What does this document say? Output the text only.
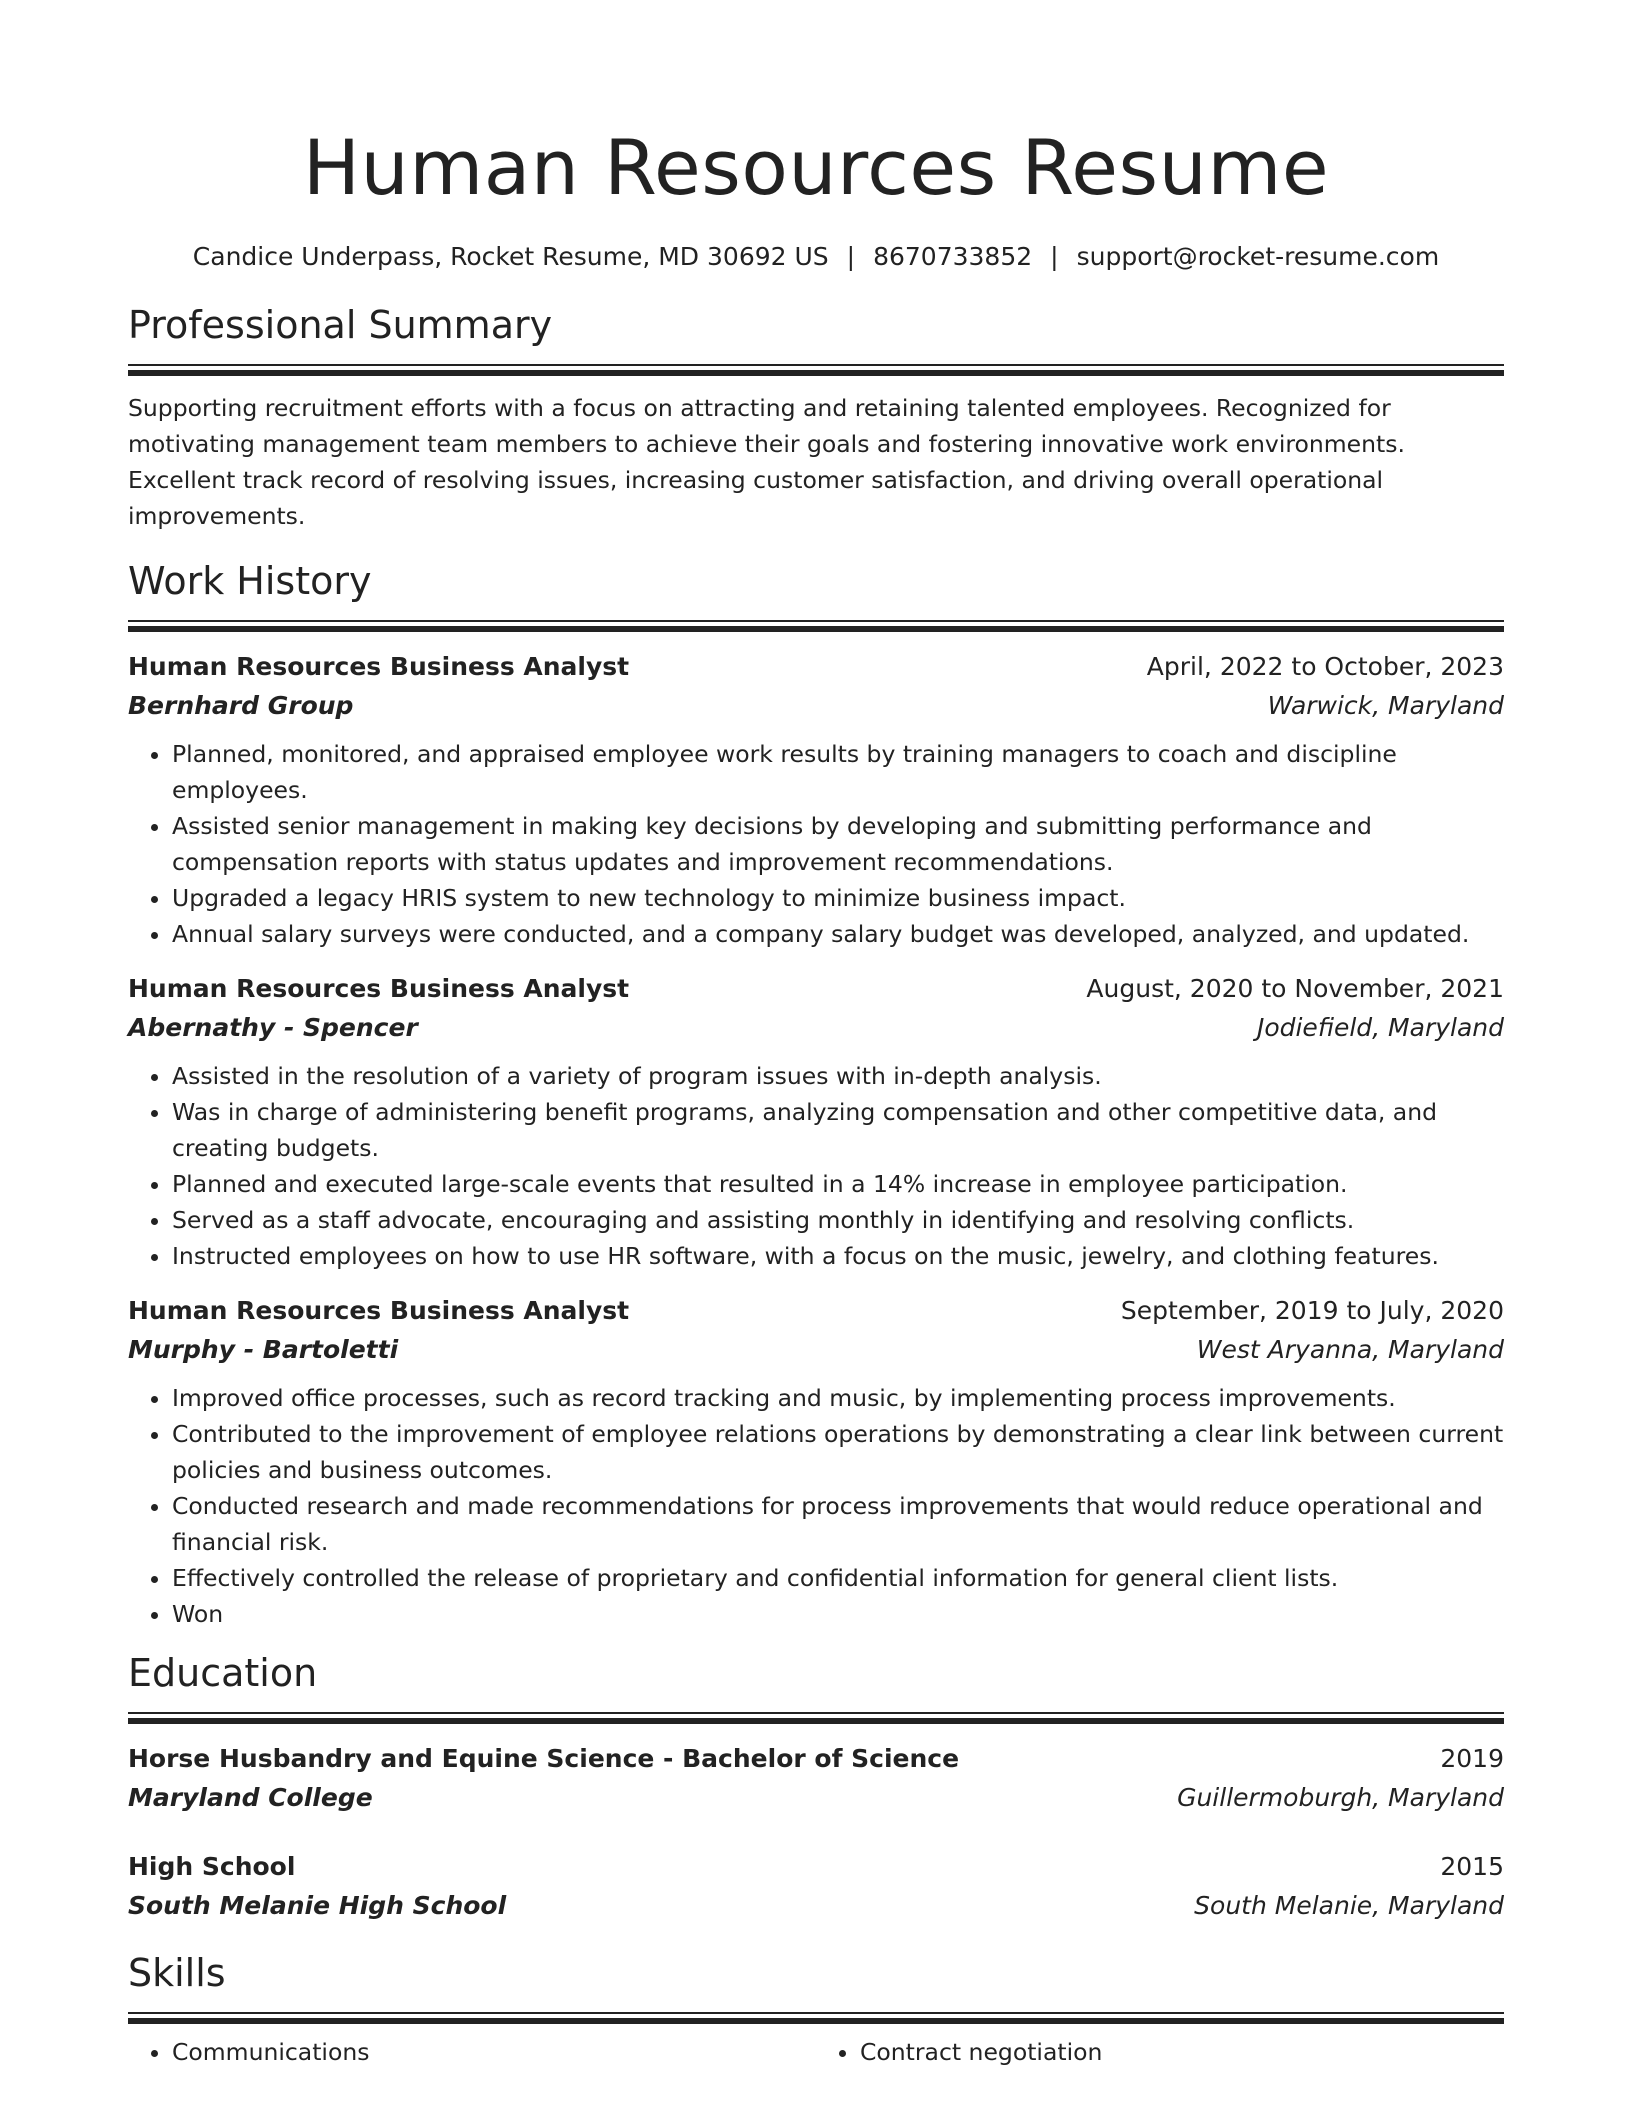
Human Resources Resume
Candice Underpass, Rocket Resume, MD 30692 US | 8670733852 | support@rocket-resume.com
Professional Summary
Supporting recruitment efforts with a focus on attracting and retaining talented employees. Recognized for motivating management team members to achieve their goals and fostering innovative work environments. Excellent track record of resolving issues, increasing customer satisfaction, and driving overall operational improvements.
Work History
Human Resources Business Analyst	April, 2022 to October, 2023
Bernhard Group	Warwick, Maryland
• Planned, monitored, and appraised employee work results by training managers to coach and discipline employees.
• Assisted senior management in making key decisions by developing and submitting performance and compensation reports with status updates and improvement recommendations.
• Upgraded a legacy HRIS system to new technology to minimize business impact.
• Annual salary surveys were conducted, and a company salary budget was developed, analyzed, and updated.
Human Resources Business Analyst	August, 2020 to November, 2021
Abernathy - Spencer	Jodiefield, Maryland
• Assisted in the resolution of a variety of program issues with in-depth analysis.
• Was in charge of administering benefit programs, analyzing compensation and other competitive data, and creating budgets.
• Planned and executed large-scale events that resulted in a 14% increase in employee participation.
• Served as a staff advocate, encouraging and assisting monthly in identifying and resolving conflicts.
• Instructed employees on how to use HR software, with a focus on the music, jewelry, and clothing features.
Human Resources Business Analyst	September, 2019 to July, 2020
Murphy - Bartoletti	West Aryanna, Maryland
• Improved office processes, such as record tracking and music, by implementing process improvements.
• Contributed to the improvement of employee relations operations by demonstrating a clear link between current policies and business outcomes.
• Conducted research and made recommendations for process improvements that would reduce operational and financial risk.
• Effectively controlled the release of proprietary and confidential information for general client lists.
• Won
Education
Horse Husbandry and Equine Science - Bachelor of Science	2019
Maryland College	Guillermoburgh, Maryland
High School	2015
South Melanie High School	South Melanie, Maryland
Skills
• Communications
•	Contract negotiation
